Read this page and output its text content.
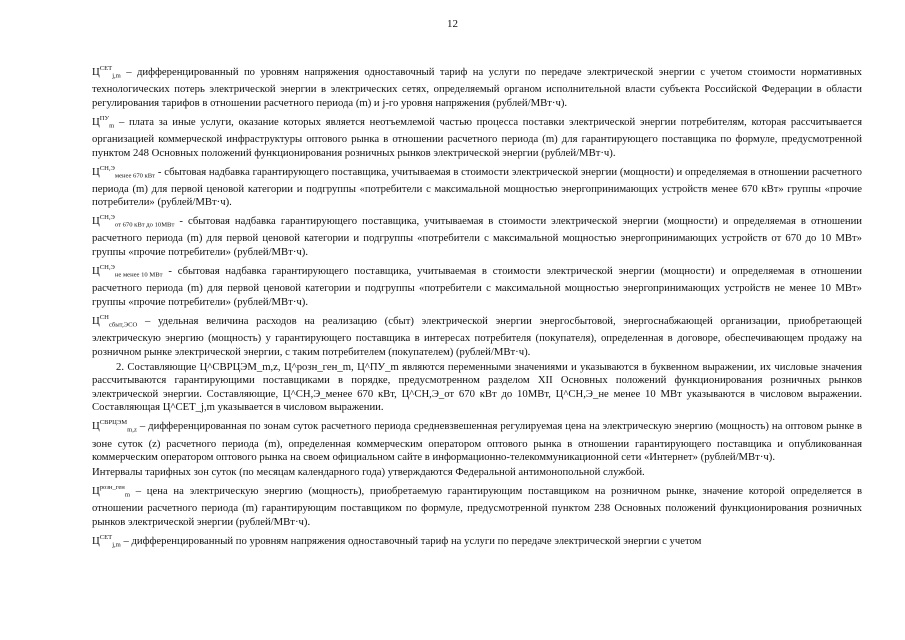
12

$Ц^{СЕТ}_{j,m}$ – дифференцированный по уровням напряжения одноставочный тариф на услуги по передаче электрической энергии с учетом стоимости нормативных технологических потерь электрической энергии в электрических сетях, определяемый органом исполнительной власти субъекта Российской Федерации в области регулирования тарифов в отношении расчетного периода (m) и j-го уровня напряжения (рублей/МВт·ч).

$Ц^{ПУ}_m$ – плата за иные услуги, оказание которых является неотъемлемой частью процесса поставки электрической энергии потребителям, которая рассчитывается организацией коммерческой инфраструктуры оптового рынка в отношении расчетного периода (m) для гарантирующего поставщика по формуле, предусмотренной пунктом 248 Основных положений функционирования розничных рынков электрической энергии (рублей/МВт·ч).

$Ц^{СН,Э}_{менее 670 кВт}$ - сбытовая надбавка гарантирующего поставщика, учитываемая в стоимости электрической энергии (мощности) и определяемая в отношении расчетного периода (m) для первой ценовой категории и подгруппы «потребители с максимальной мощностью энергопринимающих устройств менее 670 кВт» группы «прочие потребители» (рублей/МВт·ч).

$Ц^{СН,Э}_{от 670 кВт до 10МВт}$ - сбытовая надбавка гарантирующего поставщика, учитываемая в стоимости электрической энергии (мощности) и определяемая в отношении расчетного периода (m) для первой ценовой категории и подгруппы «потребители с максимальной мощностью энергопринимающих устройств от 670 до 10 МВт» группы «прочие потребители» (рублей/МВт·ч).

$Ц^{СН,Э}_{не менее 10 МВт}$ - сбытовая надбавка гарантирующего поставщика, учитываемая в стоимости электрической энергии (мощности) и определяемая в отношении расчетного периода (m) для первой ценовой категории и подгруппы «потребители с максимальной мощностью энергопринимающих устройств не менее 10 МВт» группы «прочие потребители» (рублей/МВт·ч).

$Ц^{СН}_{сбыт,ЭСО}$ – удельная величина расходов на реализацию (сбыт) электрической энергии энергосбытовой, энергоснабжающей организации, приобретающей электрическую энергию (мощность) у гарантирующего поставщика в интересах потребителя (покупателя), определенная в договоре, обеспечивающем продажу на розничном рынке электрической энергии, с таким потребителем (покупателем) (рублей/МВт·ч).

2. Составляющие Ц^СВРЦЭМ_m,z, Ц^розн_ген_m, Ц^ПУ_m являются переменными значениями и указываются в буквенном выражении, их числовые значения рассчитываются гарантирующими поставщиками в порядке, предусмотренном разделом XII Основных положений функционирования розничных рынков электрической энергии. Составляющие, Ц^СН,Э_менее 670 кВт, Ц^СН,Э_от 670 кВт до 10МВт, Ц^СН,Э_не менее 10 МВт указываются в числовом выражении. Составляющая Ц^СЕТ_j,m указывается в числовом выражении.

$Ц^{СВРЦЭМ}_{m,z}$ – дифференцированная по зонам суток расчетного периода средневзвешенная регулируемая цена на электрическую энергию (мощность) на оптовом рынке в зоне суток (z) расчетного периода (m), определенная коммерческим оператором оптового рынка в отношении гарантирующего поставщика и опубликованная коммерческим оператором оптового рынка на своем официальном сайте в информационно-телекоммуникационной сети «Интернет» (рублей/МВт·ч).

Интервалы тарифных зон суток (по месяцам календарного года) утверждаются Федеральной антимонопольной службой.

$Ц^{розн\_ген}_m$ – цена на электрическую энергию (мощность), приобретаемую гарантирующим поставщиком на розничном рынке, значение которой определяется в отношении расчетного периода (m) гарантирующим поставщиком по формуле, предусмотренной пунктом 238 Основных положений функционирования розничных рынков электрической энергии (рублей/МВт·ч).

$Ц^{СЕТ}_{j,m}$ – дифференцированный по уровням напряжения одноставочный тариф на услуги по передаче электрической энергии с учетом
